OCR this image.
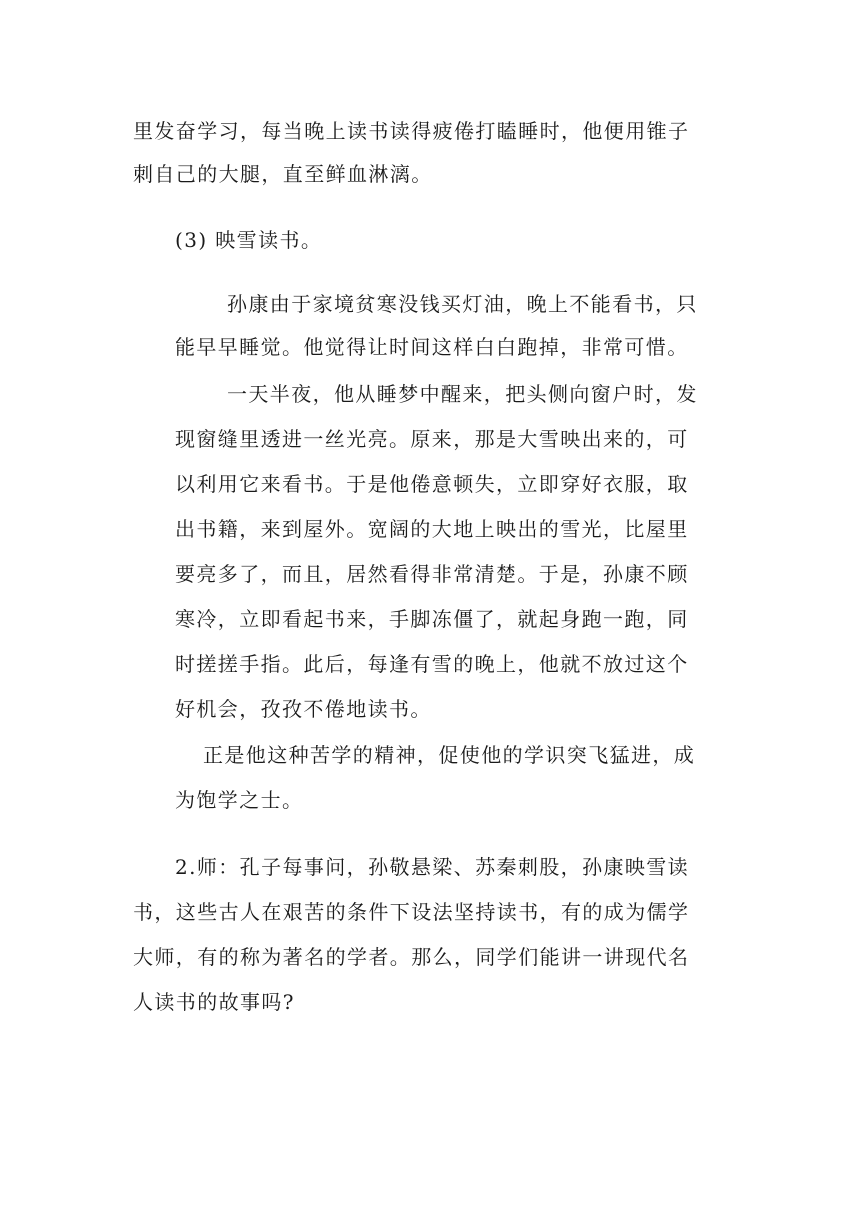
里发奋学习，每当晚上读书读得疲倦打瞌睡时，他便用锥子
刺自己的大腿，直至鲜血淋漓。
(3) 映雪读书。
孙康由于家境贫寒没钱买灯油，晚上不能看书，只
能早早睡觉。他觉得让时间这样白白跑掉，非常可惜。
一天半夜，他从睡梦中醒来，把头侧向窗户时，发
现窗缝里透进一丝光亮。原来，那是大雪映出来的，可
以利用它来看书。于是他倦意顿失，立即穿好衣服，取
出书籍，来到屋外。宽阔的大地上映出的雪光，比屋里
要亮多了，而且，居然看得非常清楚。于是，孙康不顾
寒冷，立即看起书来，手脚冻僵了，就起身跑一跑，同
时搓搓手指。此后，每逢有雪的晚上，他就不放过这个
好机会，孜孜不倦地读书。
正是他这种苦学的精神，促使他的学识突飞猛进，成
为饱学之士。
2.师：孔子每事问，孙敬悬梁、苏秦刺股，孙康映雪读
书，这些古人在艰苦的条件下设法坚持读书，有的成为儒学
大师，有的称为著名的学者。那么，同学们能讲一讲现代名
人读书的故事吗?
